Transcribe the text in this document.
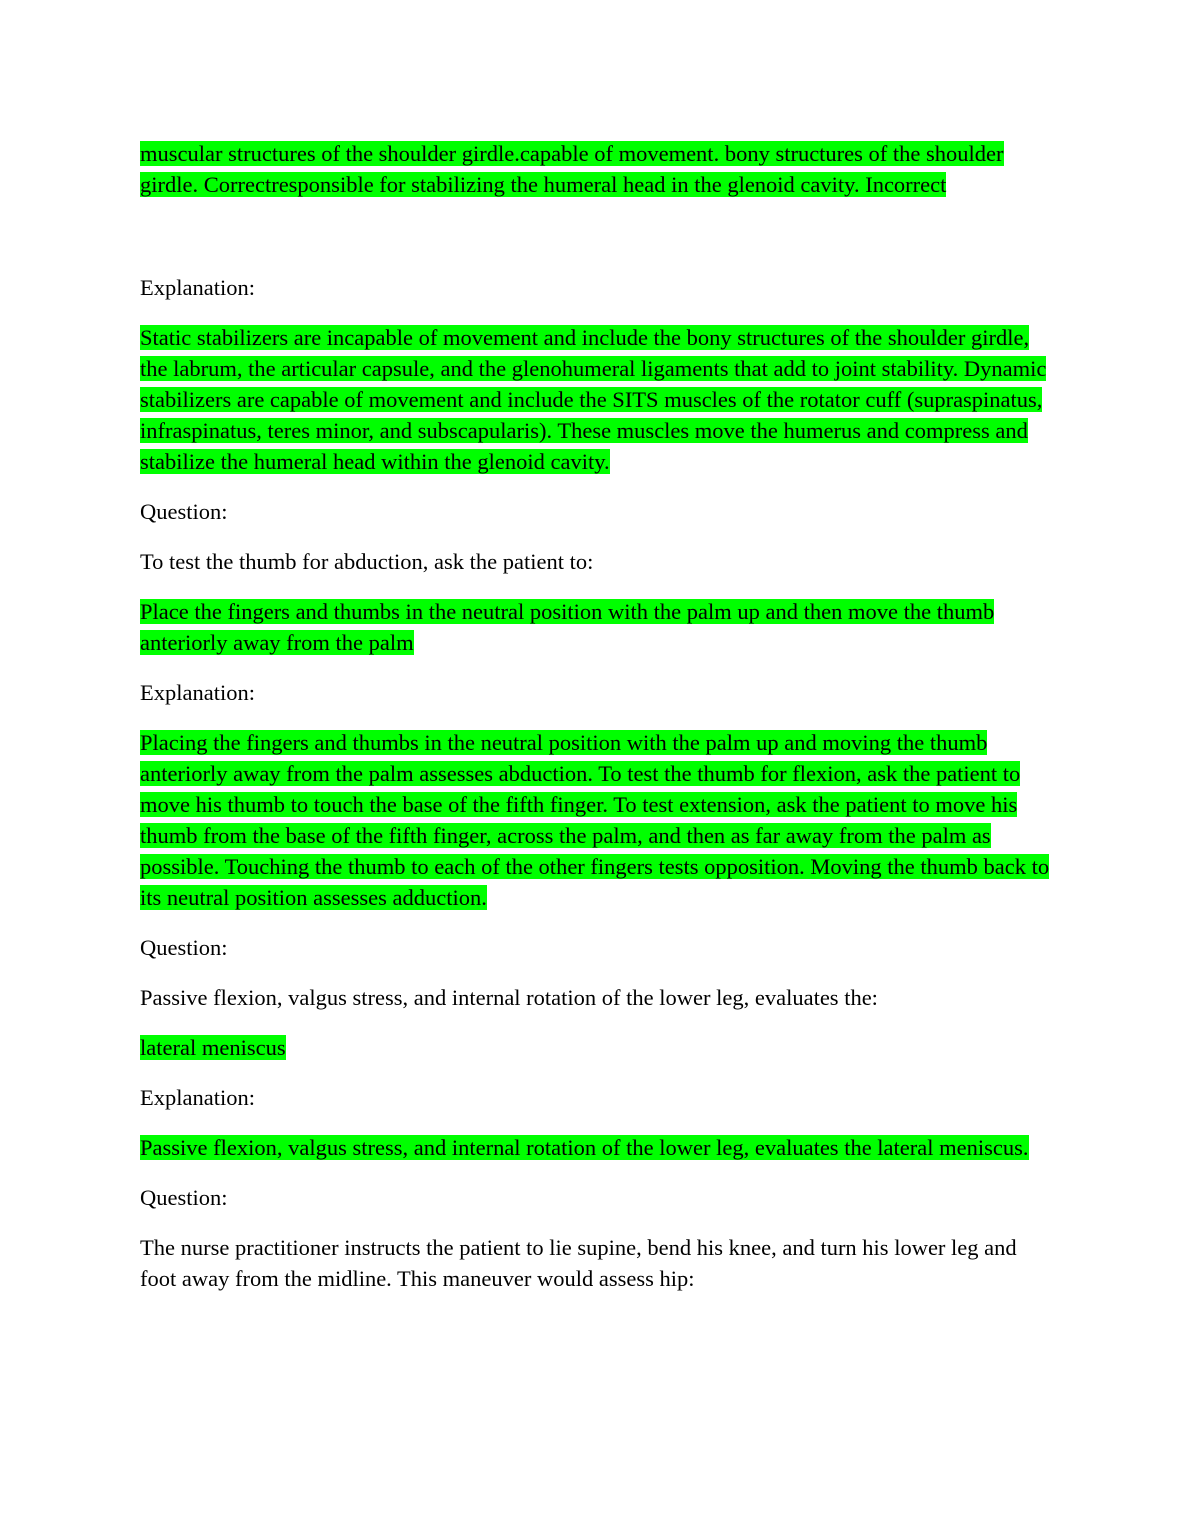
muscular structures of the shoulder girdle.capable of movement. bony structures of the shoulder girdle. Correctresponsible for stabilizing the humeral head in the glenoid cavity. Incorrect

Explanation:

Static stabilizers are incapable of movement and include the bony structures of the shoulder girdle, the labrum, the articular capsule, and the glenohumeral ligaments that add to joint stability. Dynamic stabilizers are capable of movement and include the SITS muscles of the rotator cuff (supraspinatus, infraspinatus, teres minor, and subscapularis). These muscles move the humerus and compress and stabilize the humeral head within the glenoid cavity.

Question:

To test the thumb for abduction, ask the patient to:

Place the fingers and thumbs in the neutral position with the palm up and then move the thumb anteriorly away from the palm

Explanation:

Placing the fingers and thumbs in the neutral position with the palm up and moving the thumb anteriorly away from the palm assesses abduction. To test the thumb for flexion, ask the patient to move his thumb to touch the base of the fifth finger. To test extension, ask the patient to move his thumb from the base of the fifth finger, across the palm, and then as far away from the palm as possible. Touching the thumb to each of the other fingers tests opposition. Moving the thumb back to its neutral position assesses adduction.

Question:

Passive flexion, valgus stress, and internal rotation of the lower leg, evaluates the:

lateral meniscus

Explanation:

Passive flexion, valgus stress, and internal rotation of the lower leg, evaluates the lateral meniscus.

Question:

The nurse practitioner instructs the patient to lie supine, bend his knee, and turn his lower leg and foot away from the midline. This maneuver would assess hip:
